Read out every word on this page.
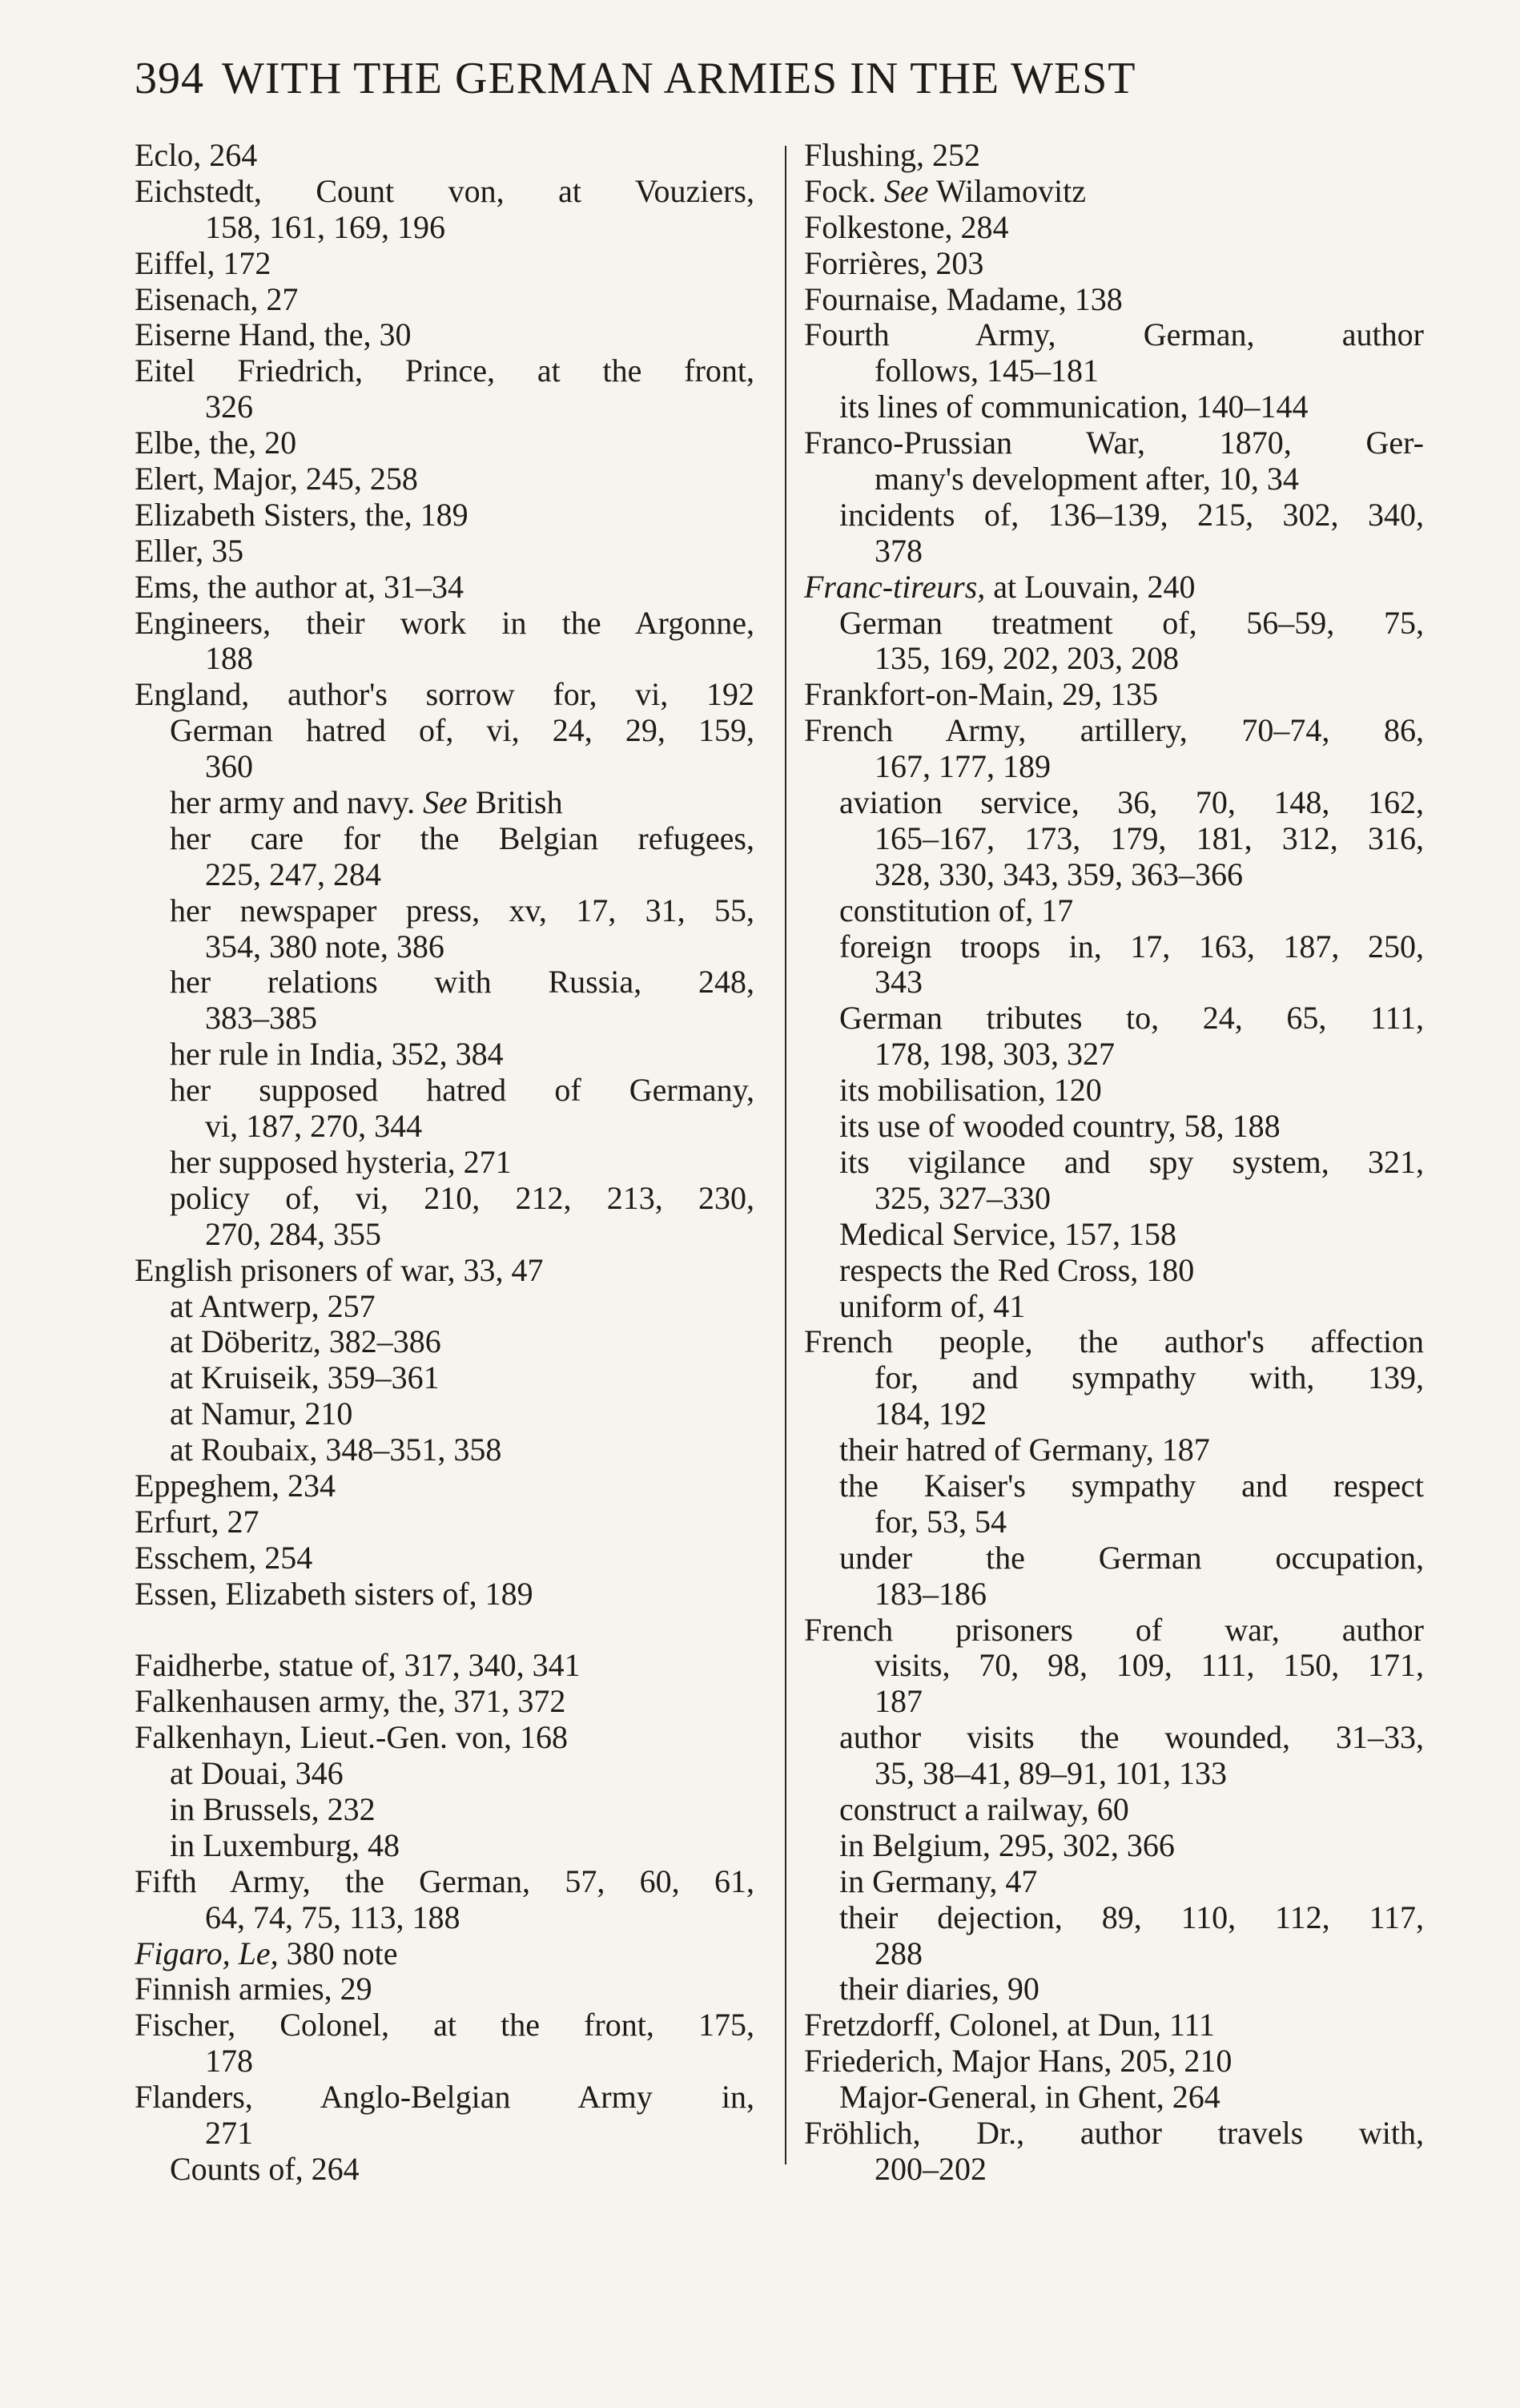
394 WITH THE GERMAN ARMIES IN THE WEST
Eclo, 264
Eichstedt, Count von, at Vouziers,
158, 161, 169, 196
Eiffel, 172
Eisenach, 27
Eiserne Hand, the, 30
Eitel Friedrich, Prince, at the front,
326
Elbe, the, 20
Elert, Major, 245, 258
Elizabeth Sisters, the, 189
Eller, 35
Ems, the author at, 31–34
Engineers, their work in the Argonne,
188
England, author's sorrow for, vi, 192
German hatred of, vi, 24, 29, 159,
360
her army and navy. See British
her care for the Belgian refugees,
225, 247, 284
her newspaper press, xv, 17, 31, 55,
354, 380 note, 386
her relations with Russia, 248,
383–385
her rule in India, 352, 384
her supposed hatred of Germany,
vi, 187, 270, 344
her supposed hysteria, 271
policy of, vi, 210, 212, 213, 230,
270, 284, 355
English prisoners of war, 33, 47
at Antwerp, 257
at Döberitz, 382–386
at Kruiseik, 359–361
at Namur, 210
at Roubaix, 348–351, 358
Eppeghem, 234
Erfurt, 27
Esschem, 254
Essen, Elizabeth sisters of, 189
Faidherbe, statue of, 317, 340, 341
Falkenhausen army, the, 371, 372
Falkenhayn, Lieut.-Gen. von, 168
at Douai, 346
in Brussels, 232
in Luxemburg, 48
Fifth Army, the German, 57, 60, 61,
64, 74, 75, 113, 188
Figaro, Le, 380 note
Finnish armies, 29
Fischer, Colonel, at the front, 175,
178
Flanders, Anglo-Belgian Army in,
271
Counts of, 264
Flushing, 252
Fock. See Wilamovitz
Folkestone, 284
Forrières, 203
Fournaise, Madame, 138
Fourth Army, German, author
follows, 145–181
its lines of communication, 140–144
Franco-Prussian War, 1870, Ger-
many's development after, 10, 34
incidents of, 136–139, 215, 302, 340,
378
Franc-tireurs, at Louvain, 240
German treatment of, 56–59, 75,
135, 169, 202, 203, 208
Frankfort-on-Main, 29, 135
French Army, artillery, 70–74, 86,
167, 177, 189
aviation service, 36, 70, 148, 162,
165–167, 173, 179, 181, 312, 316,
328, 330, 343, 359, 363–366
constitution of, 17
foreign troops in, 17, 163, 187, 250,
343
German tributes to, 24, 65, 111,
178, 198, 303, 327
its mobilisation, 120
its use of wooded country, 58, 188
its vigilance and spy system, 321,
325, 327–330
Medical Service, 157, 158
respects the Red Cross, 180
uniform of, 41
French people, the author's affection
for, and sympathy with, 139,
184, 192
their hatred of Germany, 187
the Kaiser's sympathy and respect
for, 53, 54
under the German occupation,
183–186
French prisoners of war, author
visits, 70, 98, 109, 111, 150, 171,
187
author visits the wounded, 31–33,
35, 38–41, 89–91, 101, 133
construct a railway, 60
in Belgium, 295, 302, 366
in Germany, 47
their dejection, 89, 110, 112, 117,
288
their diaries, 90
Fretzdorff, Colonel, at Dun, 111
Friederich, Major Hans, 205, 210
Major-General, in Ghent, 264
Fröhlich, Dr., author travels with,
200–202
